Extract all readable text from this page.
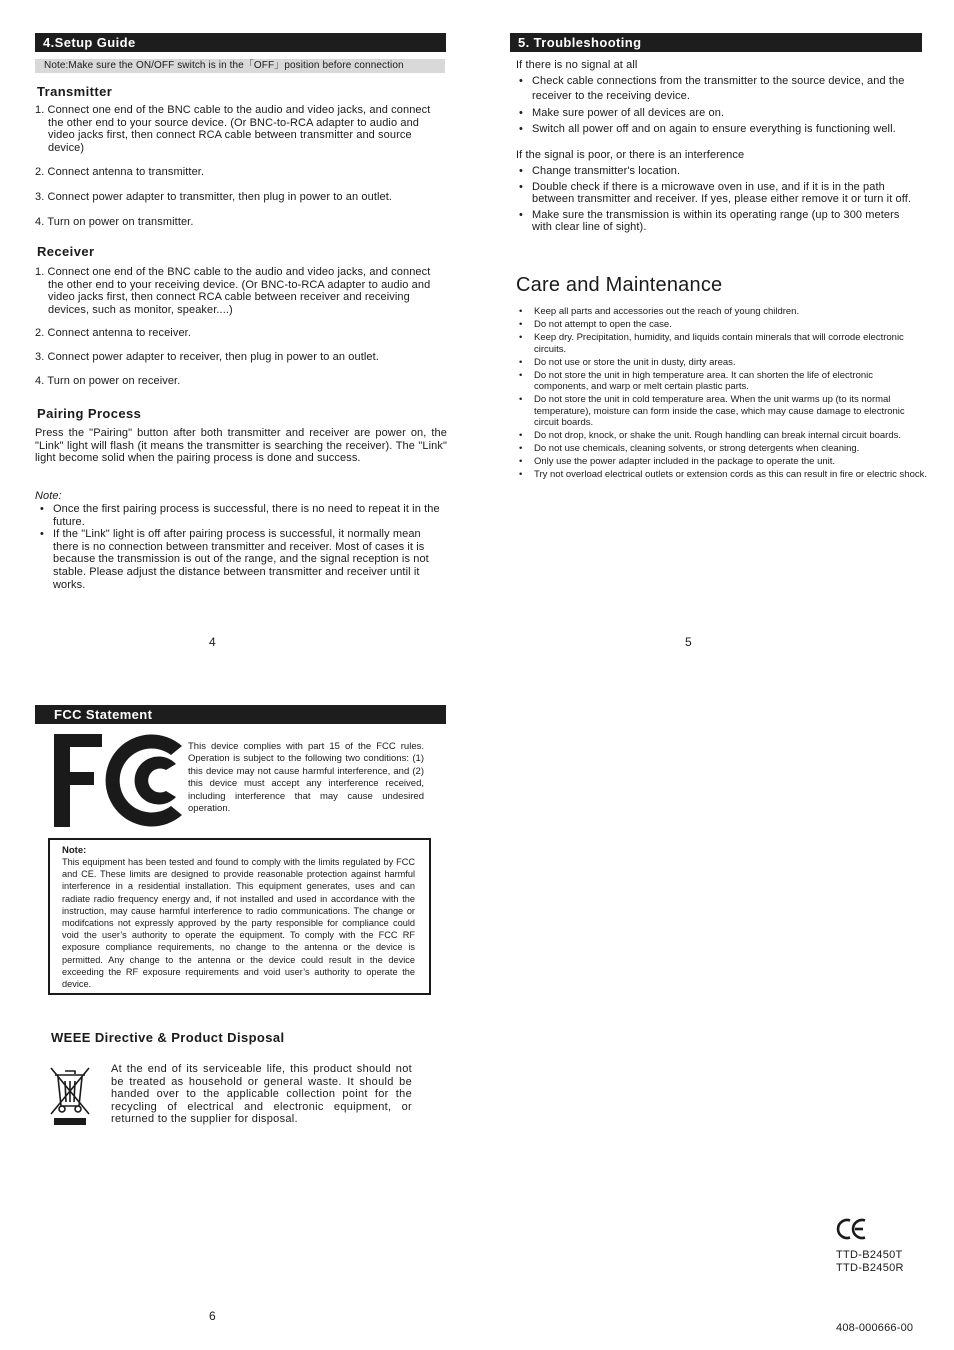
4.Setup Guide
Note:Make sure the ON/OFF switch is in the「OFF」position before connection
Transmitter
1. Connect one end of the BNC cable to the audio and video jacks, and connect the other end to your source device. (Or BNC-to-RCA adapter to audio and video jacks first, then connect RCA cable between transmitter and source device)
2. Connect antenna to transmitter.
3. Connect power adapter to transmitter, then plug in power to an outlet.
4. Turn on power on transmitter.
Receiver
1. Connect one end of the BNC cable to the audio and video jacks, and connect the other end to your receiving device. (Or BNC-to-RCA adapter to audio and video jacks first, then connect RCA cable between receiver and receiving devices, such as monitor, speaker....)
2. Connect antenna to receiver.
3. Connect power adapter to receiver, then plug in power to an outlet.
4. Turn on power on receiver.
Pairing Process
Press the "Pairing" button after both transmitter and receiver are power on, the "Link" light will flash (it means the transmitter is searching the receiver). The "Link" light become solid when the pairing process is done and success.
Note:
• Once the first pairing process is successful, there is no need to repeat it in the future.
• If the "Link" light is off after pairing process is successful, it normally mean there is no connection between transmitter and receiver. Most of cases it is because the transmission is out of the range, and the signal reception is not stable. Please adjust the distance between transmitter and receiver until it works.
4
5. Troubleshooting
If there is no signal at all
• Check cable connections from the transmitter to the source device, and the receiver to the receiving device.
• Make sure power of all devices are on.
• Switch all power off and on again to ensure everything is functioning well.
If the signal is poor, or there is an interference
• Change transmitter's location.
• Double check if there is a microwave oven in use, and if it is in the path between transmitter and receiver. If yes, please either remove it or turn it off.
• Make sure the transmission is within its operating range (up to 300 meters with clear line of sight).
Care and Maintenance
• Keep all parts and accessories out the reach of young children.
• Do not attempt to open the case.
• Keep dry. Precipitation, humidity, and liquids contain minerals that will corrode electronic circuits.
• Do not use or store the unit in dusty, dirty areas.
• Do not store the unit in high temperature area. It can shorten the life of electronic components, and warp or melt certain plastic parts.
• Do not store the unit in cold temperature area. When the unit warms up (to its normal temperature), moisture can form inside the case, which may cause damage to electronic circuit boards.
• Do not drop, knock, or shake the unit. Rough handling can break internal circuit boards.
• Do not use chemicals, cleaning solvents, or strong detergents when cleaning.
• Only use the power adapter included in the package to operate the unit.
• Try not overload electrical outlets or extension cords as this can result in fire or electric shock.
5
FCC Statement
This device complies with part 15 of the FCC rules. Operation is subject to the following two conditions: (1) this device may not cause harmful interference, and (2) this device must accept any interference received, including interference that may cause undesired operation.
Note:
This equipment has been tested and found to comply with the limits regulated by FCC and CE. These limits are designed to provide reasonable protection against harmful interference in a residential installation. This equipment generates, uses and can radiate radio frequency energy and, if not installed and used in accordance with the instruction, may cause harmful interference to radio communications. The change or modifcations not expressly approved by the party responsible for compliance could void the user’s authority to operate the equipment. To comply with the FCC RF exposure compliance requirements, no change to the antenna or the device is permitted. Any change to the antenna or the device could result in the device exceeding the RF exposure requirements and void user’s authority to operate the device.
WEEE Directive & Product Disposal
At the end of its serviceable life, this product should not be treated as household or general waste. It should be handed over to the applicable collection point for the recycling of electrical and electronic equipment, or returned to the supplier for disposal.
6
TTD-B2450T
TTD-B2450R
408-000666-00
